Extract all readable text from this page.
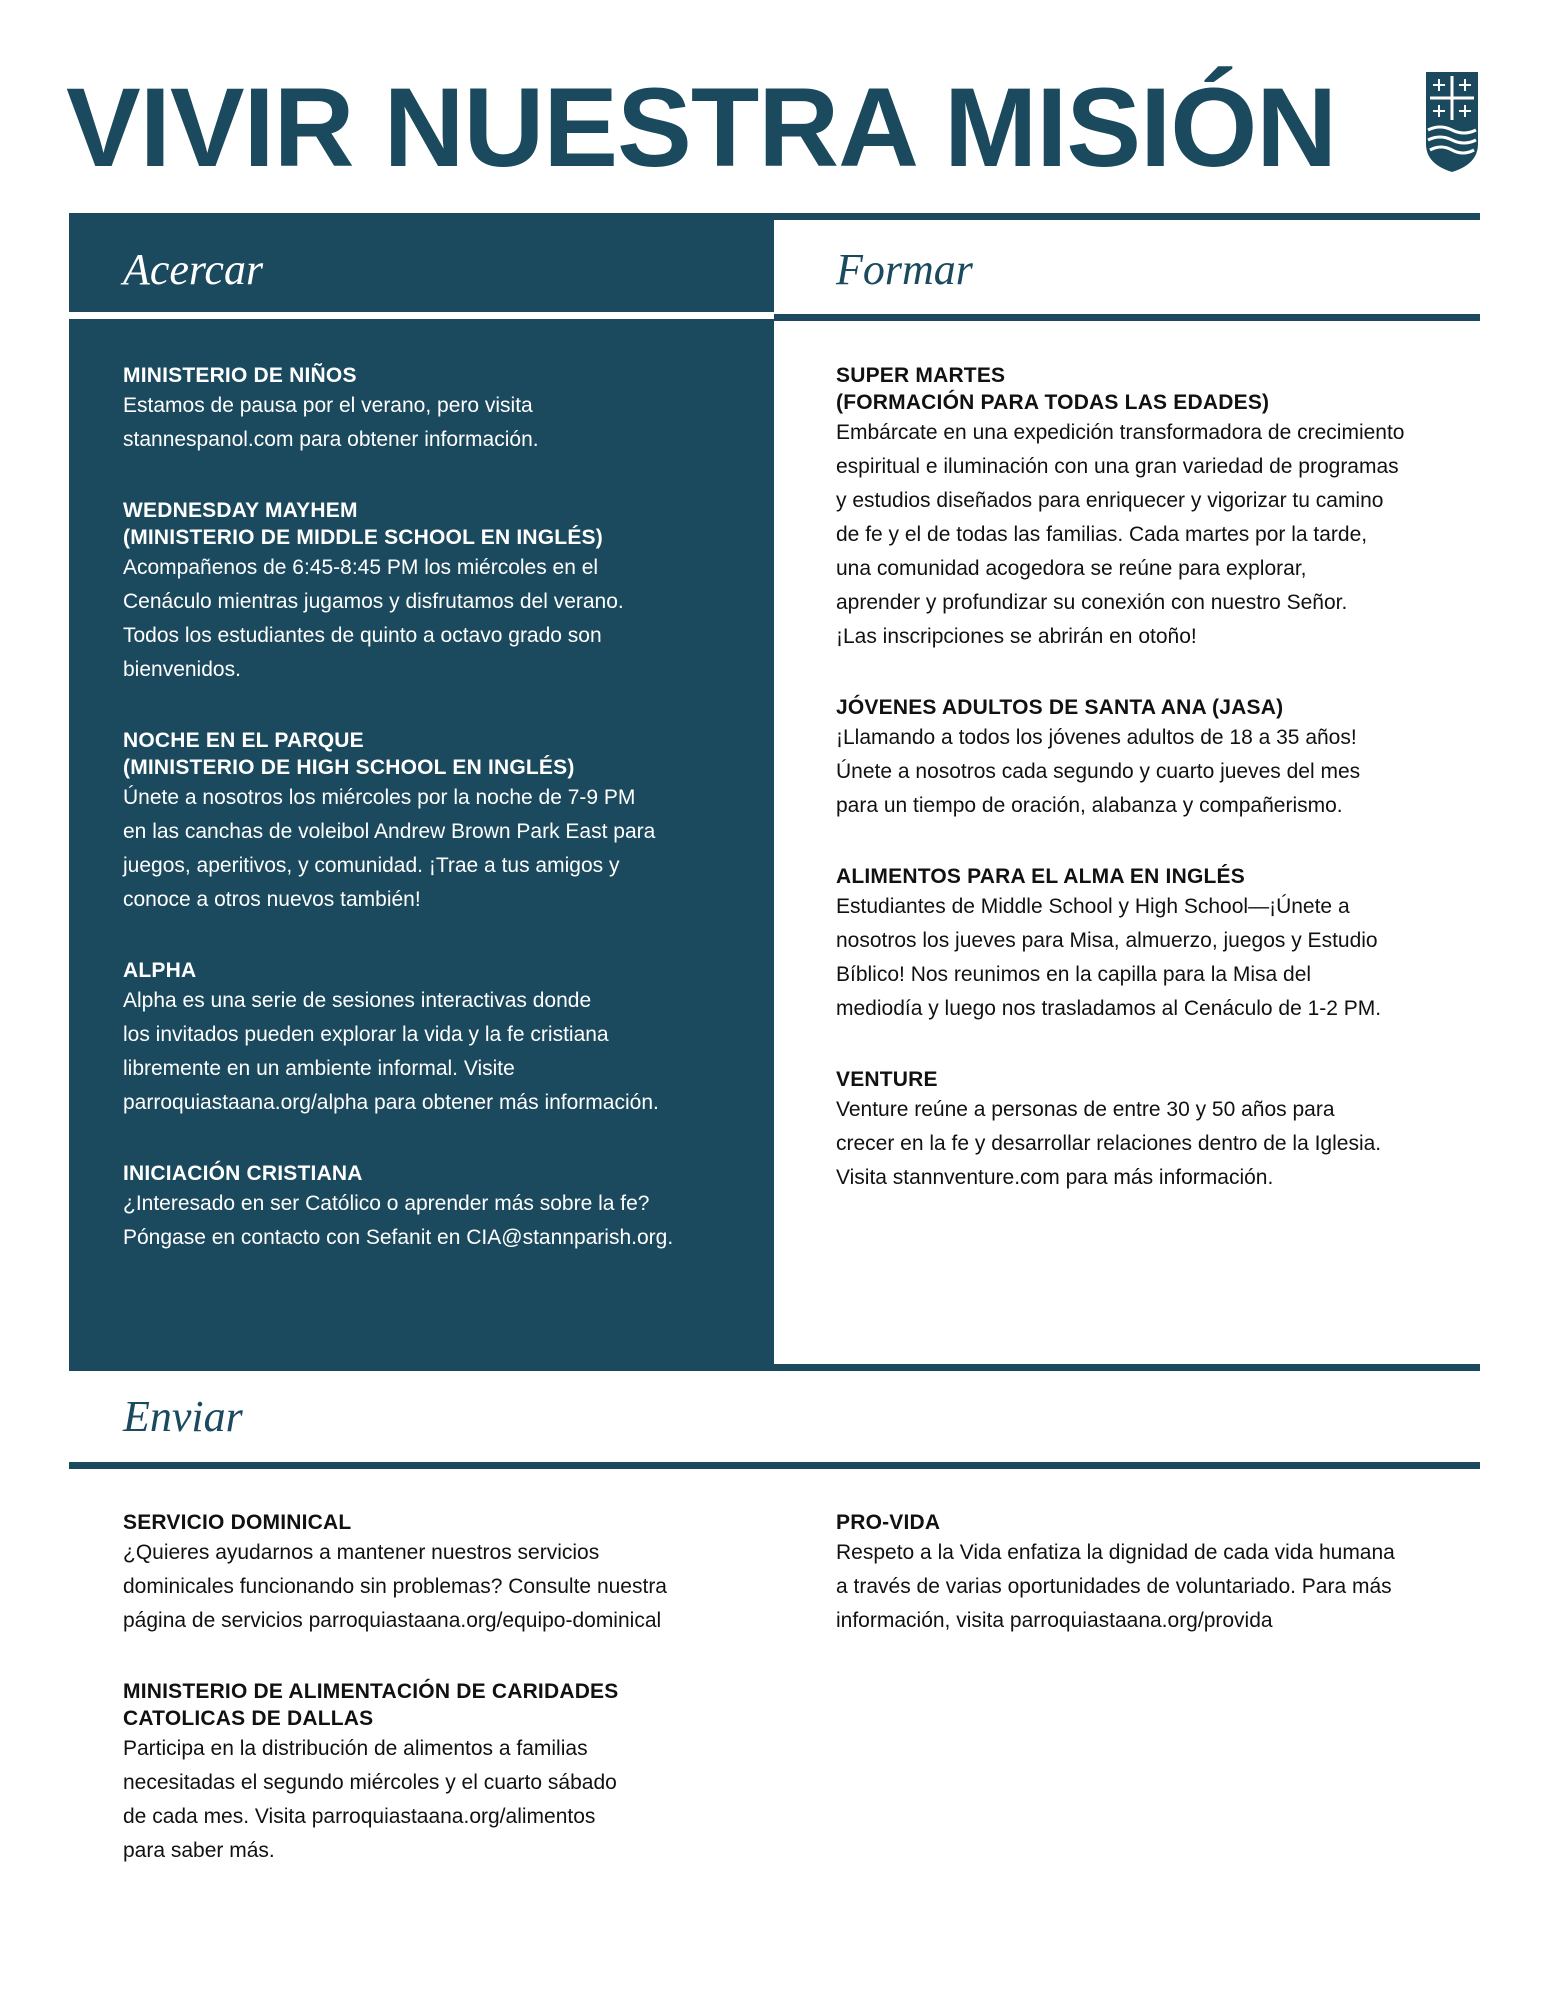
VIVIR NUESTRA MISIÓN
Acercar	Formar

MINISTERIO DE NIÑOS

Estamos de pausa por el verano, pero visita

stannespanol.com para obtener información.

WEDNESDAY MAYHEM

(MINISTERIO DE MIDDLE SCHOOL EN INGLÉS)

Acompañenos de 6:45-8:45 PM los miércoles en el

Cenáculo mientras jugamos y disfrutamos del verano.

Todos los estudiantes de quinto a octavo grado son

bienvenidos.

NOCHE EN EL PARQUE

(MINISTERIO DE HIGH SCHOOL EN INGLÉS)

Únete a nosotros los miércoles por la noche de 7-9 PM

en las canchas de voleibol Andrew Brown Park East para

juegos, aperitivos, y comunidad. ¡Trae a tus amigos y

conoce a otros nuevos también!

ALPHA

Alpha es una serie de sesiones interactivas donde

los invitados pueden explorar la vida y la fe cristiana

libremente en un ambiente informal. Visite

parroquiastaana.org/alpha para obtener más información.

INICIACIÓN CRISTIANA

¿Interesado en ser Católico o aprender más sobre la fe?

Póngase en contacto con Sefanit en CIA@stannparish.org.

SUPER MARTES

(FORMACIÓN PARA TODAS LAS EDADES)

Embárcate en una expedición transformadora de crecimiento

espiritual e iluminación con una gran variedad de programas

y estudios diseñados para enriquecer y vigorizar tu camino

de fe y el de todas las familias. Cada martes por la tarde,

una comunidad acogedora se reúne para explorar,

aprender y profundizar su conexión con nuestro Señor.

¡Las inscripciones se abrirán en otoño!

JÓVENES ADULTOS DE SANTA ANA (JASA)

¡Llamando a todos los jóvenes adultos de 18 a 35 años!

Únete a nosotros cada segundo y cuarto jueves del mes

para un tiempo de oración, alabanza y compañerismo.

ALIMENTOS PARA EL ALMA EN INGLÉS

Estudiantes de Middle School y High School—¡Únete a

nosotros los jueves para Misa, almuerzo, juegos y Estudio

Bíblico! Nos reunimos en la capilla para la Misa del

mediodía y luego nos trasladamos al Cenáculo de 1-2 PM.

VENTURE

Venture reúne a personas de entre 30 y 50 años para

crecer en la fe y desarrollar relaciones dentro de la Iglesia.

Visita stannventure.com para más información.

Enviar

SERVICIO DOMINICAL

¿Quieres ayudarnos a mantener nuestros servicios

dominicales funcionando sin problemas? Consulte nuestra

página de servicios parroquiastaana.org/equipo-dominical

MINISTERIO DE ALIMENTACIÓN DE CARIDADES

CATOLICAS DE DALLAS

Participa en la distribución de alimentos a familias

necesitadas el segundo miércoles y el cuarto sábado

de cada mes. Visita parroquiastaana.org/alimentos

para saber más.

PRO-VIDA

Respeto a la Vida enfatiza la dignidad de cada vida humana

a través de varias oportunidades de voluntariado. Para más

información, visita parroquiastaana.org/provida
